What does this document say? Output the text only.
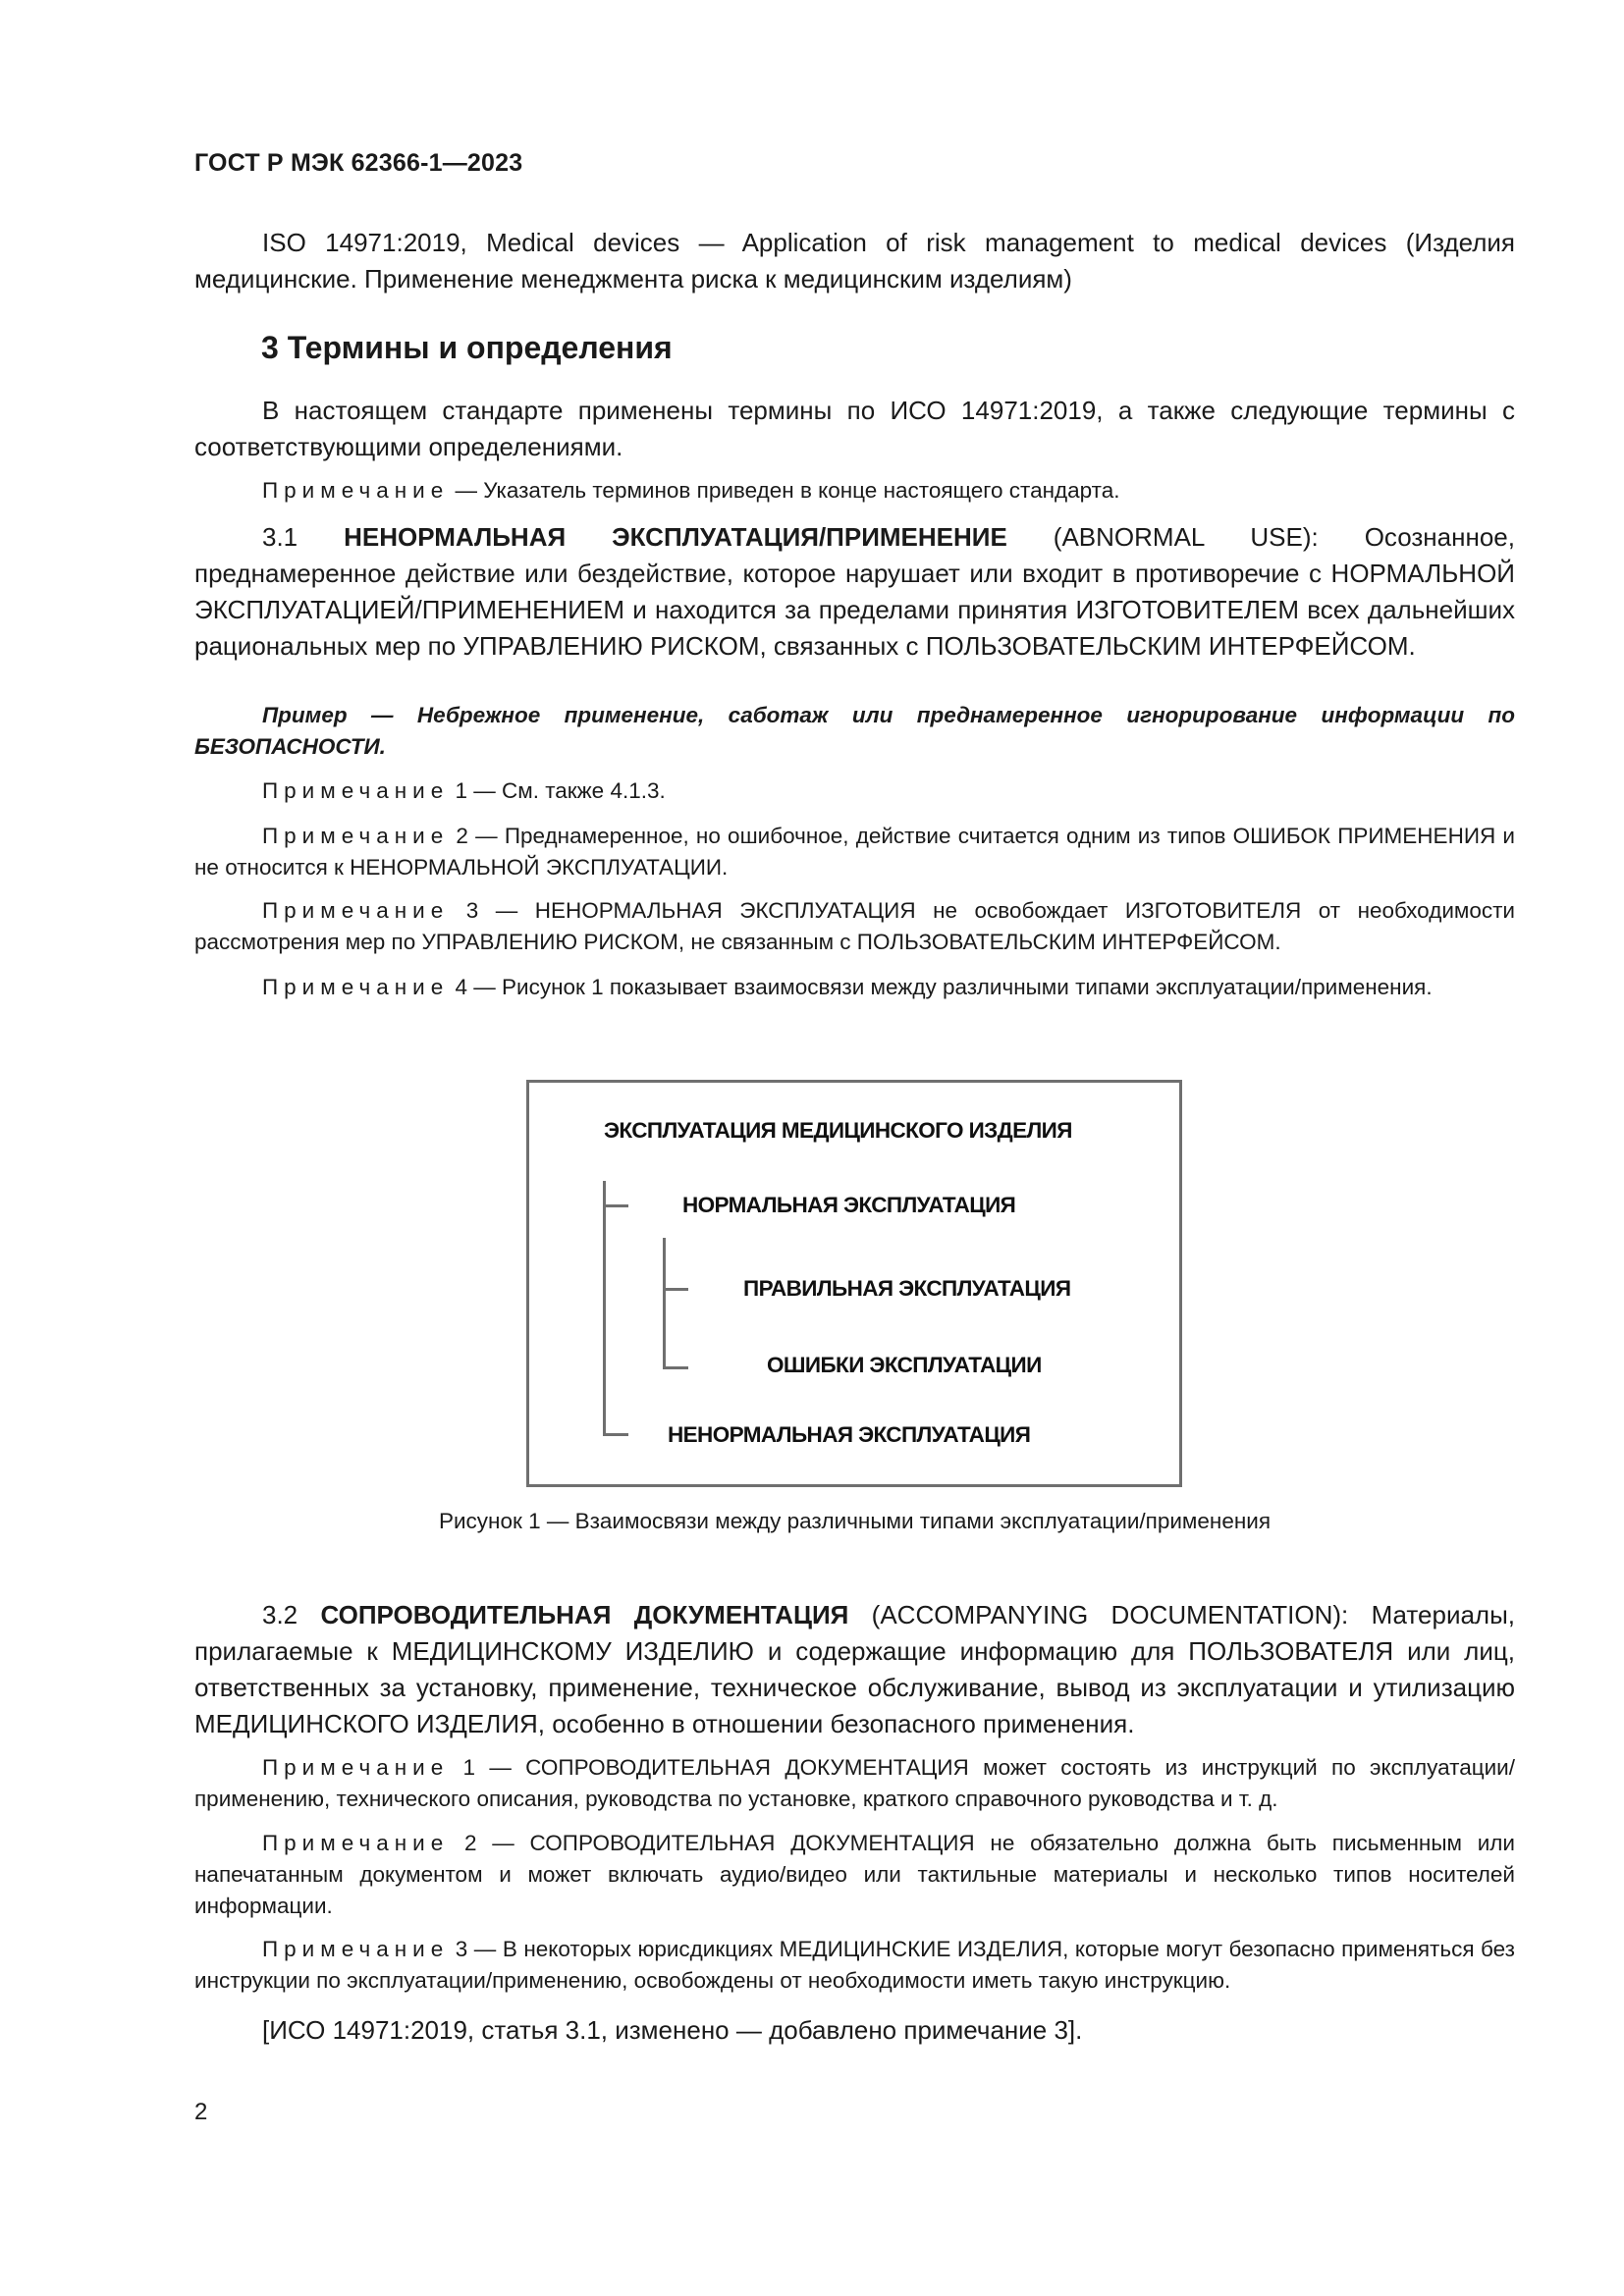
ГОСТ Р МЭК 62366-1—2023

ISO 14971:2019, Medical devices — Application of risk management to medical devices (Изделия медицинские. Применение менеджмента риска к медицинским изделиям)

3 Термины и определения

В настоящем стандарте применены термины по ИСО 14971:2019, а также следующие термины с соответствующими определениями.

Примечание — Указатель терминов приведен в конце настоящего стандарта.

3.1 НЕНОРМАЛЬНАЯ ЭКСПЛУАТАЦИЯ/ПРИМЕНЕНИЕ (ABNORMAL USE): Осознанное, преднамеренное действие или бездействие, которое нарушает или входит в противоречие с НОРМАЛЬНОЙ ЭКСПЛУАТАЦИЕЙ/ПРИМЕНЕНИЕМ и находится за пределами принятия ИЗГОТОВИТЕЛЕМ всех дальнейших рациональных мер по УПРАВЛЕНИЮ РИСКОМ, связанных с ПОЛЬЗОВАТЕЛЬСКИМ ИНТЕРФЕЙСОМ.

Пример — Небрежное применение, саботаж или преднамеренное игнорирование информации по БЕЗОПАСНОСТИ.

Примечание 1 — См. также 4.1.3.

Примечание 2 — Преднамеренное, но ошибочное, действие считается одним из типов ОШИБОК ПРИМЕНЕНИЯ и не относится к НЕНОРМАЛЬНОЙ ЭКСПЛУАТАЦИИ.

Примечание 3 — НЕНОРМАЛЬНАЯ ЭКСПЛУАТАЦИЯ не освобождает ИЗГОТОВИТЕЛЯ от необходимости рассмотрения мер по УПРАВЛЕНИЮ РИСКОМ, не связанным с ПОЛЬЗОВАТЕЛЬСКИМ ИНТЕРФЕЙСОМ.

Примечание 4 — Рисунок 1 показывает взаимосвязи между различными типами эксплуатации/применения.

ЭКСПЛУАТАЦИЯ МЕДИЦИНСКОГО ИЗДЕЛИЯ
НОРМАЛЬНАЯ ЭКСПЛУАТАЦИЯ
ПРАВИЛЬНАЯ ЭКСПЛУАТАЦИЯ
ОШИБКИ ЭКСПЛУАТАЦИИ
НЕНОРМАЛЬНАЯ ЭКСПЛУАТАЦИЯ
Рисунок 1 — Взаимосвязи между различными типами эксплуатации/применения

3.2 СОПРОВОДИТЕЛЬНАЯ ДОКУМЕНТАЦИЯ (ACCOMPANYING DOCUMENTATION): Материалы, прилагаемые к МЕДИЦИНСКОМУ ИЗДЕЛИЮ и содержащие информацию для ПОЛЬЗОВАТЕЛЯ или лиц, ответственных за установку, применение, техническое обслуживание, вывод из эксплуатации и утилизацию МЕДИЦИНСКОГО ИЗДЕЛИЯ, особенно в отношении безопасного применения.

Примечание 1 — СОПРОВОДИТЕЛЬНАЯ ДОКУМЕНТАЦИЯ может состоять из инструкций по эксплуатации/применению, технического описания, руководства по установке, краткого справочного руководства и т. д.

Примечание 2 — СОПРОВОДИТЕЛЬНАЯ ДОКУМЕНТАЦИЯ не обязательно должна быть письменным или напечатанным документом и может включать аудио/видео или тактильные материалы и несколько типов носителей информации.

Примечание 3 — В некоторых юрисдикциях МЕДИЦИНСКИЕ ИЗДЕЛИЯ, которые могут безопасно применяться без инструкции по эксплуатации/применению, освобождены от необходимости иметь такую инструкцию.

[ИСО 14971:2019, статья 3.1, изменено — добавлено примечание 3].

2
